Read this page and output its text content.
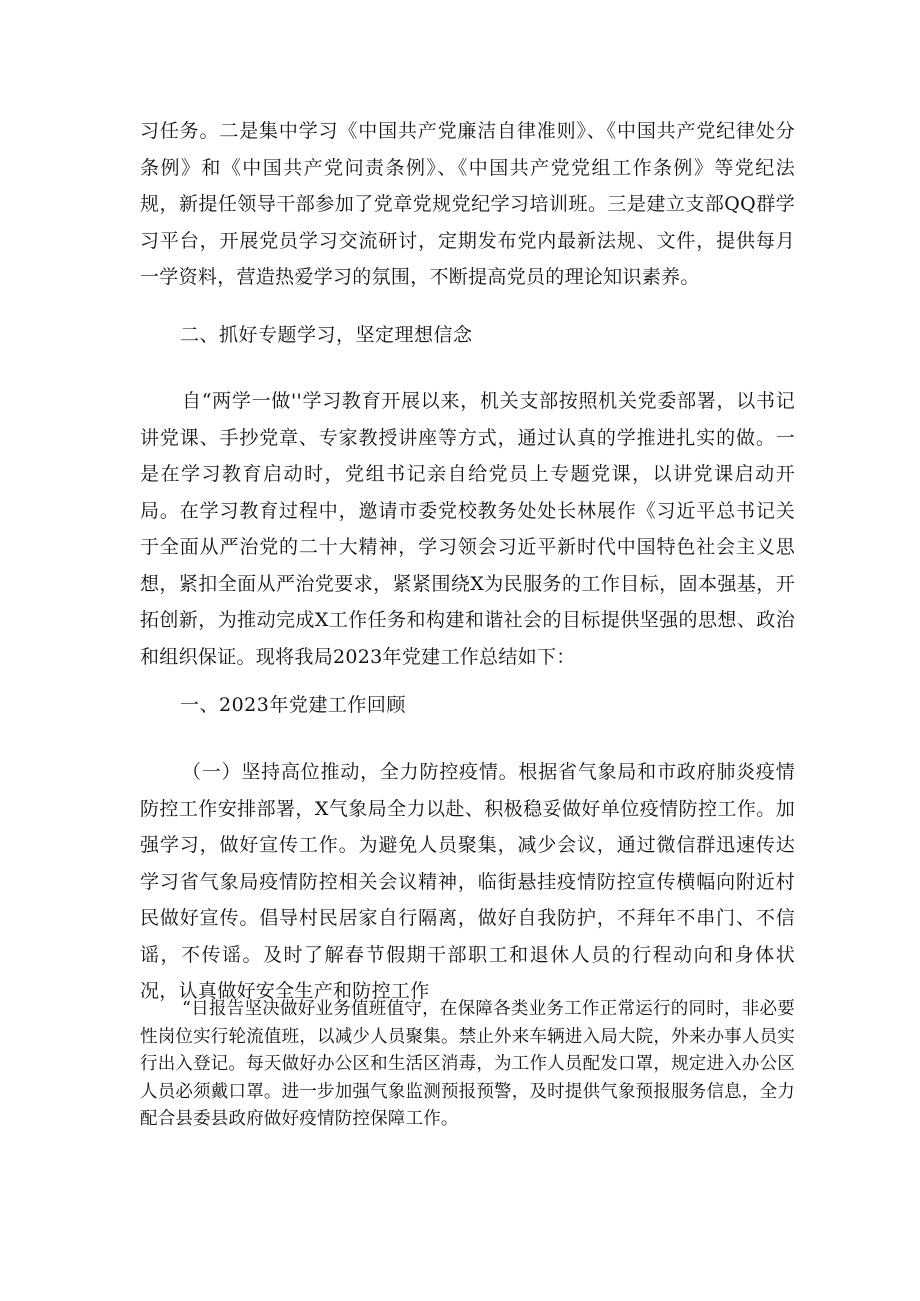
习任务。二是集中学习《中国共产党廉洁自律准则》、《中国共产党纪律处分条例》和《中国共产党问责条例》、《中国共产党党组工作条例》等党纪法规，新提任领导干部参加了党章党规党纪学习培训班。三是建立支部QQ群学习平台，开展党员学习交流研讨，定期发布党内最新法规、文件，提供每月一学资料，营造热爱学习的氛围，不断提高党员的理论知识素养。

二、抓好专题学习，坚定理想信念

自“两学一做''学习教育开展以来，机关支部按照机关党委部署，以书记讲党课、手抄党章、专家教授讲座等方式，通过认真的学推进扎实的做。一是在学习教育启动时，党组书记亲自给党员上专题党课，以讲党课启动开局。在学习教育过程中，邀请市委党校教务处处长林展作《习近平总书记关于全面从严治党的二十大精神，学习领会习近平新时代中国特色社会主义思想，紧扣全面从严治党要求，紧紧围绕X为民服务的工作目标，固本强基，开拓创新，为推动完成X工作任务和构建和谐社会的目标提供坚强的思想、政治和组织保证。现将我局2023年党建工作总结如下：

一、2023年党建工作回顾

（一）坚持高位推动，全力防控疫情。根据省气象局和市政府肺炎疫情防控工作安排部署，X气象局全力以赴、积极稳妥做好单位疫情防控工作。加强学习，做好宣传工作。为避免人员聚集，减少会议，通过微信群迅速传达学习省气象局疫情防控相关会议精神，临街悬挂疫情防控宣传横幅向附近村民做好宣传。倡导村民居家自行隔离，做好自我防护，不拜年不串门、不信谣，不传谣。及时了解春节假期干部职工和退休人员的行程动向和身体状况，认真做好安全生产和防控工作

“日报告坚决做好业务值班值守，在保障各类业务工作正常运行的同时，非必要性岗位实行轮流值班，以减少人员聚集。禁止外来车辆进入局大院，外来办事人员实行出入登记。每天做好办公区和生活区消毒，为工作人员配发口罩，规定进入办公区人员必须戴口罩。进一步加强气象监测预报预警，及时提供气象预报服务信息，全力配合县委县政府做好疫情防控保障工作。
